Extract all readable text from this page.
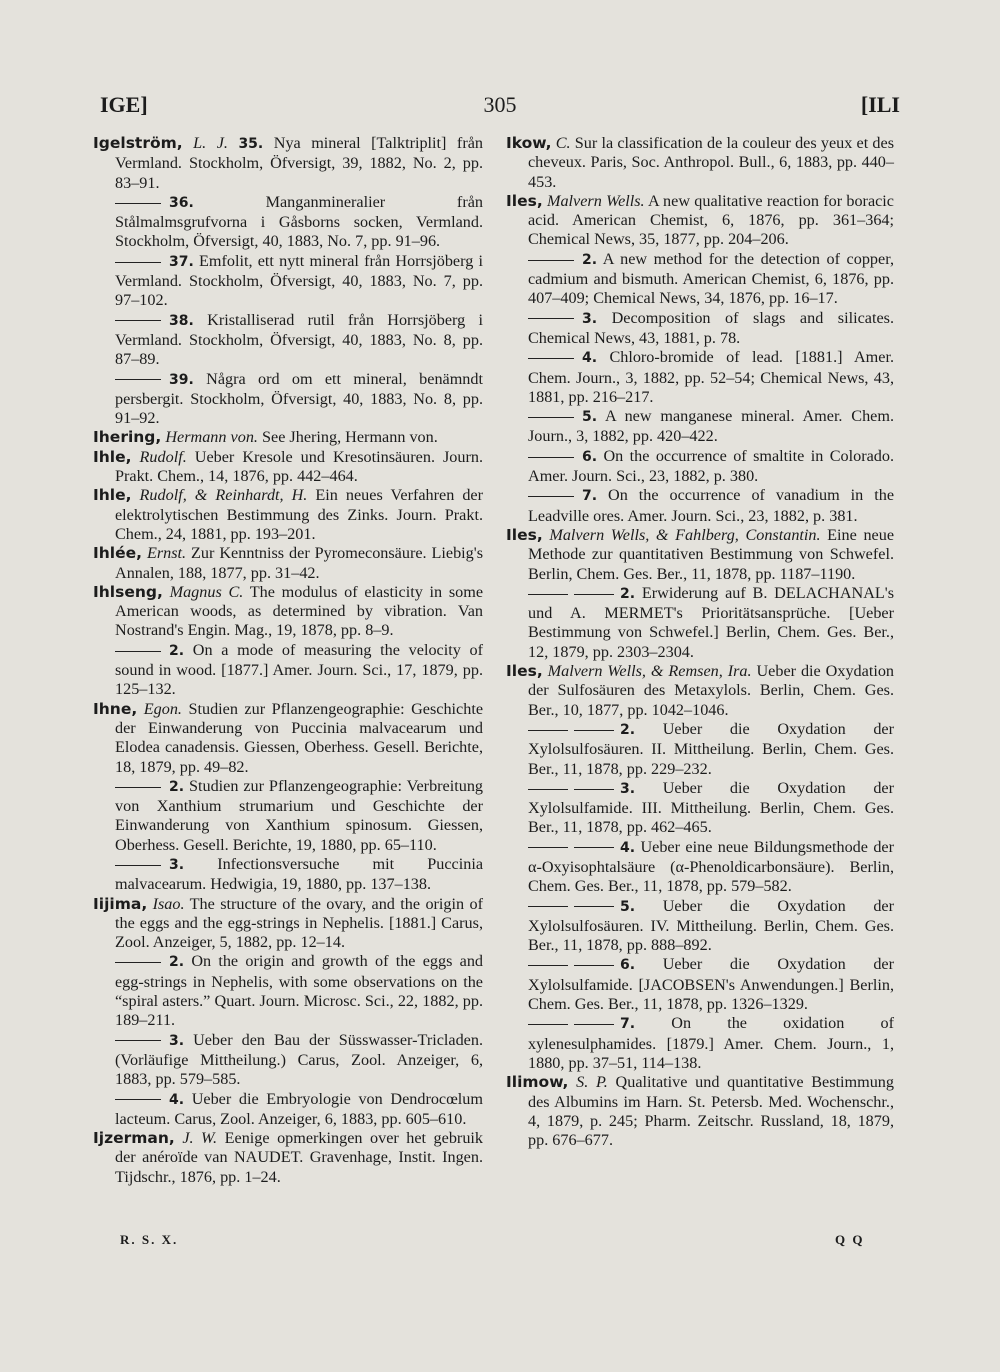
IGE]	305	[ILI

Igelström, L. J. 35. Nya mineral [Talktriplit] från Vermland. Stockholm, Öfversigt, 39, 1882, No. 2, pp. 83–91.

36.	Manganmineralier från Stålmalmsgrufvorna i Gåsborns socken, Vermland. Stockholm, Öfversigt, 40, 1883, No. 7, pp. 91–96.

37. Emfolit, ett nytt mineral från Horrsjöberg i Vermland. Stockholm, Öfversigt, 40, 1883, No. 7, pp. 97–102.

38. Kristalliserad rutil från Horrsjöberg i Vermland. Stockholm, Öfversigt, 40, 1883, No. 8, pp. 87–89.

39. Några ord om ett mineral, benämndt persbergit. Stockholm, Öfversigt, 40, 1883, No. 8, pp. 91–92.

Ihering, Hermann von. See Jhering, Hermann von.

Ihle, Rudolf. Ueber Kresole und Kresotinsäuren. Journ. Prakt. Chem., 14, 1876, pp. 442–464.

Ihle, Rudolf, & Reinhardt, H. Ein neues Verfahren der elektrolytischen Bestimmung des Zinks. Journ. Prakt. Chem., 24, 1881, pp. 193–201.

Ihlée, Ernst. Zur Kenntniss der Pyromeconsäure. Liebig's Annalen, 188, 1877, pp. 31–42.

Ihlseng, Magnus C. The modulus of elasticity in some American woods, as determined by vibration. Van Nostrand's Engin. Mag., 19, 1878, pp. 8–9.

2. On a mode of measuring the velocity of sound in wood. [1877.] Amer. Journ. Sci., 17, 1879, pp. 125–132.

Ihne, Egon. Studien zur Pflanzengeographie: Geschichte der Einwanderung von Puccinia malvacearum und Elodea canadensis. Giessen, Oberhess. Gesell. Berichte, 18, 1879, pp. 49–82.

2. Studien zur Pflanzengeographie: Verbreitung von Xanthium strumarium und Geschichte der Einwanderung von Xanthium spinosum. Giessen, Oberhess. Gesell. Berichte, 19, 1880, pp. 65–110.

3. Infectionsversuche mit Puccinia malvacearum. Hedwigia, 19, 1880, pp. 137–138.

Iijima, Isao. The structure of the ovary, and the origin of the eggs and the egg-strings in Nephelis. [1881.] Carus, Zool. Anzeiger, 5, 1882, pp. 12–14.

2. On the origin and growth of the eggs and egg-strings in Nephelis, with some observations on the “spiral asters.” Quart. Journ. Microsc. Sci., 22, 1882, pp. 189–211.

3. Ueber den Bau der Süsswasser-Tricladen. (Vorläufige Mittheilung.) Carus, Zool. Anzeiger, 6, 1883, pp. 579–585.

4. Ueber die Embryologie von Dendrocœlum lacteum. Carus, Zool. Anzeiger, 6, 1883, pp. 605–610.

Ijzerman, J. W. Eenige opmerkingen over het gebruik der anéroïde van NAUDET. Gravenhage, Instit. Ingen. Tijdschr., 1876, pp. 1–24.

Ikow, C. Sur la classification de la couleur des yeux et des cheveux. Paris, Soc. Anthropol. Bull., 6, 1883, pp. 440–453.

Iles, Malvern Wells. A new qualitative reaction for boracic acid. American Chemist, 6, 1876, pp. 361–364; Chemical News, 35, 1877, pp. 204–206.

2. A new method for the detection of copper, cadmium and bismuth. American Chemist, 6, 1876, pp. 407–409; Chemical News, 34, 1876, pp. 16–17.

3. Decomposition of slags and silicates. Chemical News, 43, 1881, p. 78.

4. Chloro-bromide of lead. [1881.] Amer. Chem. Journ., 3, 1882, pp. 52–54; Chemical News, 43, 1881, pp. 216–217.

5. A new manganese mineral. Amer. Chem. Journ., 3, 1882, pp. 420–422.

6. On the occurrence of smaltite in Colorado. Amer. Journ. Sci., 23, 1882, p. 380.

7. On the occurrence of vanadium in the Leadville ores. Amer. Journ. Sci., 23, 1882, p. 381.

Iles, Malvern Wells, & Fahlberg, Constantin. Eine neue Methode zur quantitativen Bestimmung von Schwefel. Berlin, Chem. Ges. Ber., 11, 1878, pp. 1187–1190.

2. Erwiderung auf B. DELACHANAL's und A. MERMET's Prioritätsansprüche. [Ueber Bestimmung von Schwefel.] Berlin, Chem. Ges. Ber., 12, 1879, pp. 2303–2304.

Iles, Malvern Wells, & Remsen, Ira. Ueber die Oxydation der Sulfosäuren des Metaxylols. Berlin, Chem. Ges. Ber., 10, 1877, pp. 1042–1046.

2. Ueber die Oxydation der Xylolsulfosäuren. II. Mittheilung. Berlin, Chem. Ges. Ber., 11, 1878, pp. 229–232.

3. Ueber die Oxydation der Xylolsulfamide. III. Mittheilung. Berlin, Chem. Ges. Ber., 11, 1878, pp. 462–465.

4. Ueber eine neue Bildungsmethode der α-Oxyisophtalsäure (α-Phenoldicarbonsäure). Berlin, Chem. Ges. Ber., 11, 1878, pp. 579–582.

5. Ueber die Oxydation der Xylolsulfosäuren. IV. Mittheilung. Berlin, Chem. Ges. Ber., 11, 1878, pp. 888–892.

6. Ueber die Oxydation der Xylolsulfamide. [JACOBSEN's Anwendungen.] Berlin, Chem. Ges. Ber., 11, 1878, pp. 1326–1329.

7. On the oxidation of xylenesulphamides. [1879.] Amer. Chem. Journ., 1, 1880, pp. 37–51, 114–138.

Ilimow, S. P. Qualitative und quantitative Bestimmung des Albumins im Harn. St. Petersb. Med. Wochenschr., 4, 1879, p. 245; Pharm. Zeitschr. Russland, 18, 1879, pp. 676–677.

R. S. X.	Q Q
